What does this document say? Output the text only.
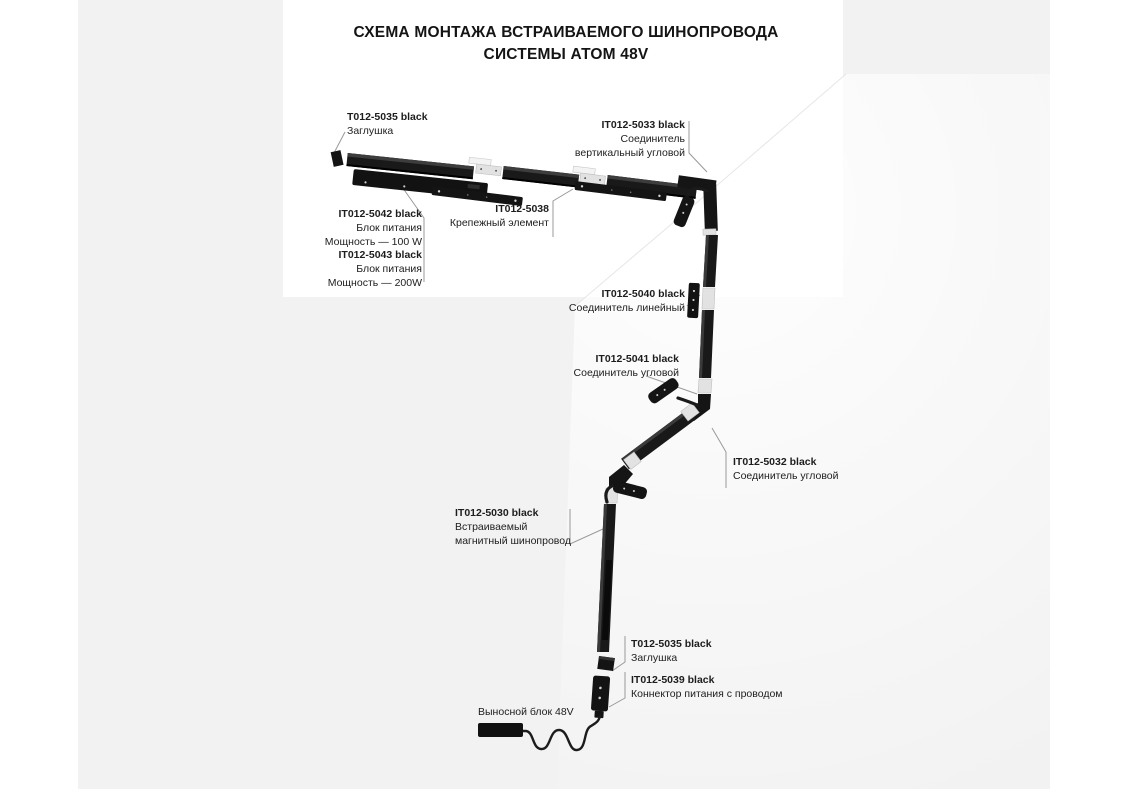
СХЕМА МОНТАЖА ВСТРАИВАЕМОГО ШИНОПРОВОДА
СИСТЕМЫ АТОМ 48V
Т012-5035 black
Заглушка
IT012-5042 black
Блок питания
Мощность — 100 W
IT012-5043 black
Блок питания
Мощность — 200W
IT012-5038
Крепежный элемент
IT012-5033 black
Соединитель
вертикальный угловой
IT012-5040 black
Соединитель линейный
IT012-5041 black
Соединитель угловой
IT012-5032 black
Соединитель угловой
IT012-5030 black
Встраиваемый
магнитный шинопровод
Т012-5035 black
Заглушка
IT012-5039 black
Коннектор питания с проводом
Выносной блок 48V
